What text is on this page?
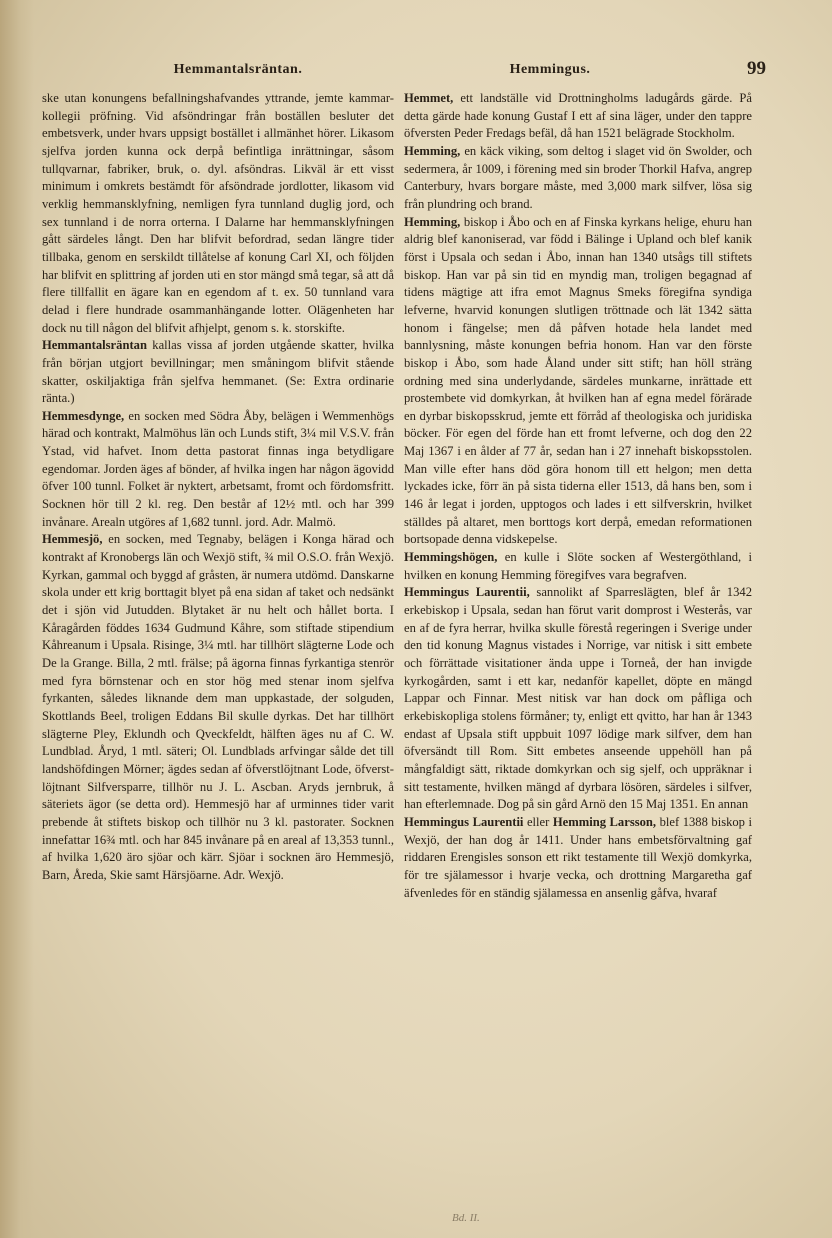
Hemmantalsräntan.	Hemmingus.	99

ske utan konungens befallningshafvandes yttrande, jemte kammar-kollegii pröfning. Vid afsöndringar från boställen besluter det embetsverk, under hvars uppsigt bostället i allmänhet hörer. Likasom sjelfva jorden kunna ock derpå befintliga inrättningar, såsom tullqvarnar, fabriker, bruk, o. dyl. afsöndras. Likväl är ett visst minimum i omkrets bestämdt för afsöndrade jordlotter, likasom vid verklig hemmansklyfning, nemligen fyra tunnland duglig jord, och sex tunnland i de norra orterna. I Dalarne har hemmansklyfningen gått särdeles långt. Den har blifvit befordrad, sedan längre tider tillbaka, genom en serskildt tillåtelse af konung Carl XI, och följden har blifvit en splittring af jorden uti en stor mängd små tegar, så att då flere tillfallit en ägare kan en egendom af t. ex. 50 tunnland vara delad i flere hundrade osammanhängande lotter. Olägenheten har dock nu till någon del blifvit afhjelpt, genom s. k. storskifte.

Hemmantalsräntan kallas vissa af jorden utgående skatter, hvilka från början utgjort bevillningar; men småningom blifvit stående skatter, oskiljaktiga från sjelfva hemmanet. (Se: Extra ordinarie ränta.)

Hemmesdynge, en socken med Södra Åby, belägen i Wemmenhögs härad och kontrakt, Malmöhus län och Lunds stift, 3¼ mil V.S.V. från Ystad, vid hafvet. Inom detta pastorat finnas inga betydligare egendomar. Jorden äges af bönder, af hvilka ingen har någon ägovidd öfver 100 tunnl. Folket är nyktert, arbetsamt, fromt och fördomsfritt. Socknen hör till 2 kl. reg. Den består af 12½ mtl. och har 399 invånare. Arealn utgöres af 1,682 tunnl. jord. Adr. Malmö.

Hemmesjö, en socken, med Tegnaby, belägen i Konga härad och kontrakt af Kronobergs län och Wexjö stift, ¾ mil O.S.O. från Wexjö. Kyrkan, gammal och byggd af gråsten, är numera utdömd. Danskarne skola under ett krig borttagit blyet på ena sidan af taket och nedsänkt det i sjön vid Jutudden. Blytaket är nu helt och hållet borta. I Kåragården föddes 1634 Gudmund Kåhre, som stiftade stipendium Kåhreanum i Upsala. Risinge, 3¼ mtl. har tillhört slägterne Lode och De la Grange. Billa, 2 mtl. frälse; på ägorna finnas fyrkantiga stenrör med fyra börnstenar och en stor hög med stenar inom sjelfva fyrkanten, således liknande dem man uppkastade, der solguden, Skottlands Beel, troligen Eddans Bil skulle dyrkas. Det har tillhört slägterne Pley, Eklundh och Qveckfeldt, hälften äges nu af C. W. Lundblad. Åryd, 1 mtl. säteri; Ol. Lundblads arfvingar sålde det till landshöfdingen Mörner; ägdes sedan af öfverstlöjtnant Lode, öfverst-löjtnant Silfversparre, tillhör nu J. L. Ascban. Aryds jernbruk, å säteriets ägor (se detta ord). Hemmesjö har af urminnes tider varit prebende åt stiftets biskop och tillhör nu 3 kl. pastorater. Socknen innefattar 16¾ mtl. och har 845 invånare på en areal af 13,353 tunnl., af hvilka 1,620 äro sjöar och kärr. Sjöar i socknen äro Hemmesjö, Barn, Åreda, Skie samt Härsjöarne. Adr. Wexjö.

Hemmet, ett landställe vid Drottningholms ladugårds gärde. På detta gärde hade konung Gustaf I ett af sina läger, under den tappre öfversten Peder Fredags befäl, då han 1521 belägrade Stockholm.

Hemming, en käck viking, som deltog i slaget vid ön Swolder, och sedermera, år 1009, i förening med sin broder Thorkil Hafva, angrep Canterbury, hvars borgare måste, med 3,000 mark silfver, lösa sig från plundring och brand.

Hemming, biskop i Åbo och en af Finska kyrkans helige, ehuru han aldrig blef kanoniserad, var född i Bälinge i Upland och blef kanik först i Upsala och sedan i Åbo, innan han 1340 utsågs till stiftets biskop. Han var på sin tid en myndig man, troligen begagnad af tidens mägtige att ifra emot Magnus Smeks föregifna syndiga lefverne, hvarvid konungen slutligen tröttnade och lät 1342 sätta honom i fängelse; men då påfven hotade hela landet med bannlysning, måste konungen befria honom. Han var den förste biskop i Åbo, som hade Åland under sitt stift; han höll sträng ordning med sina underlydande, särdeles munkarne, inrättade ett prostembete vid domkyrkan, åt hvilken han af egna medel förärade en dyrbar biskopsskrud, jemte ett förråd af theologiska och juridiska böcker. För egen del förde han ett fromt lefverne, och dog den 22 Maj 1367 i en ålder af 77 år, sedan han i 27 innehaft biskopsstolen. Man ville efter hans död göra honom till ett helgon; men detta lyckades icke, förr än på sista tiderna eller 1513, då hans ben, som i 146 år legat i jorden, upptogos och lades i ett silfverskrin, hvilket ställdes på altaret, men borttogs kort derpå, emedan reformationen bortsopade denna vidskepelse.

Hemmingshögen, en kulle i Slöte socken af Westergöthland, i hvilken en konung Hemming föregifves vara begrafven.

Hemmingus Laurentii, sannolikt af Sparreslägten, blef år 1342 erkebiskop i Upsala, sedan han förut varit domprost i Westerås, var en af de fyra herrar, hvilka skulle förestå regeringen i Sverige under den tid konung Magnus vistades i Norrige, var nitisk i sitt embete och förrättade visitationer ända uppe i Torneå, der han invigde kyrkogården, samt i ett kar, nedanför kapellet, döpte en mängd Lappar och Finnar. Mest nitisk var han dock om påfliga och erkebiskopliga stolens förmåner; ty, enligt ett qvitto, har han år 1343 endast af Upsala stift uppbuit 1097 lödige mark silfver, dem han öfversändt till Rom. Sitt embetes anseende uppehöll han på mångfaldigt sätt, riktade domkyrkan och sig sjelf, och uppräknar i sitt testamente, hvilken mängd af dyrbara lösören, särdeles i silfver, han efterlemnade. Dog på sin gård Arnö den 15 Maj 1351. En annan

Hemmingus Laurentii eller Hemming Larsson, blef 1388 biskop i Wexjö, der han dog år 1411. Under hans embetsförvaltning gaf riddaren Erengisles sonson ett rikt testamente till Wexjö domkyrka, för tre själamessor i hvarje vecka, och drottning Margaretha gaf äfvenledes för en ständig själamessa en ansenlig gåfva, hvaraf

Bd. II.
